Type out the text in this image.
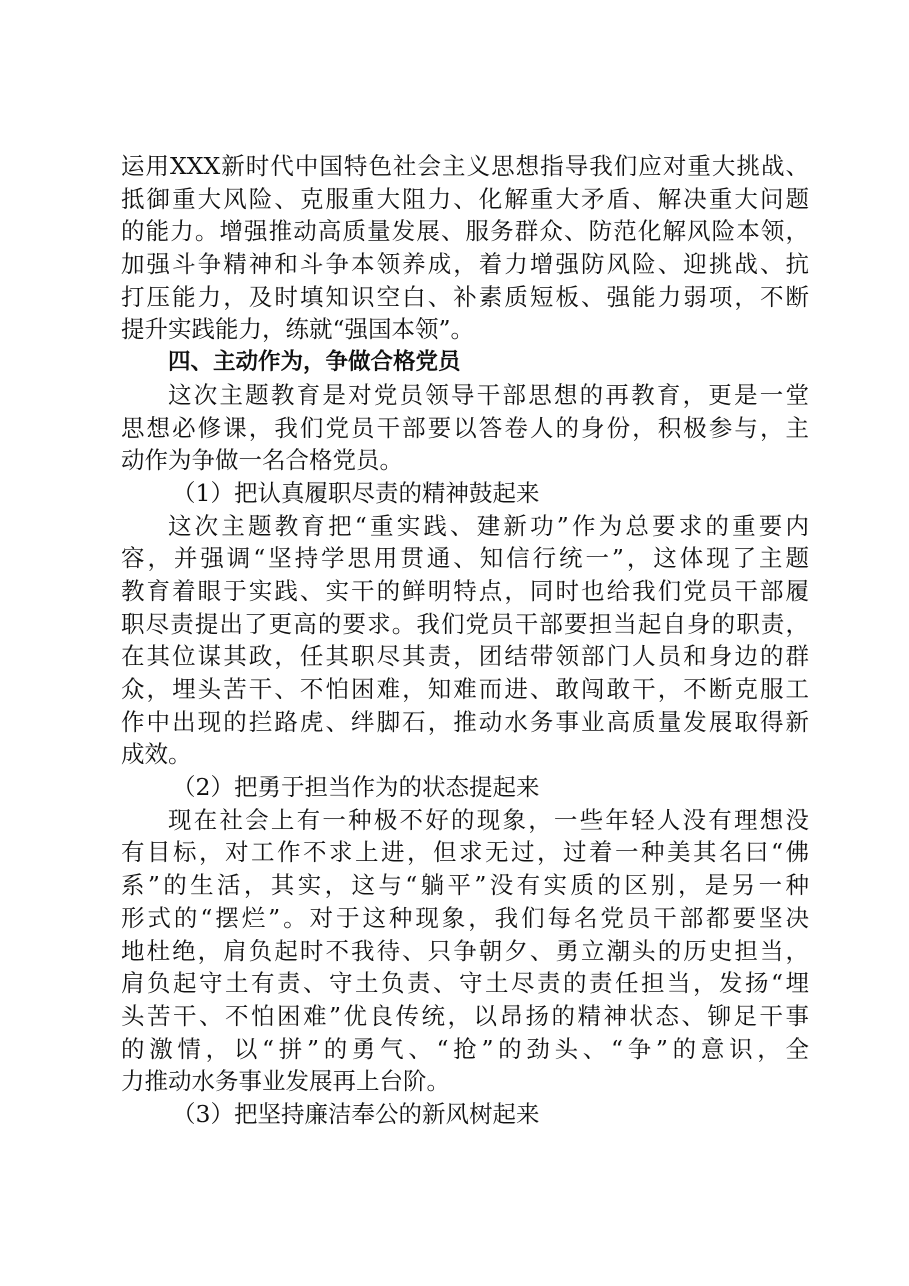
运用XXX新时代中国特色社会主义思想指导我们应对重大挑战、
抵御重大风险、克服重大阻力、化解重大矛盾、解决重大问题
的能力。增强推动高质量发展、服务群众、防范化解风险本领，
加强斗争精神和斗争本领养成，着力增强防风险、迎挑战、抗
打压能力，及时填知识空白、补素质短板、强能力弱项，不断
提升实践能力，练就“强国本领”。
四、主动作为，争做合格党员
这次主题教育是对党员领导干部思想的再教育，更是一堂
思想必修课，我们党员干部要以答卷人的身份，积极参与，主
动作为争做一名合格党员。
（1）把认真履职尽责的精神鼓起来
这次主题教育把“重实践、建新功”作为总要求的重要内
容，并强调“坚持学思用贯通、知信行统一”，这体现了主题
教育着眼于实践、实干的鲜明特点，同时也给我们党员干部履
职尽责提出了更高的要求。我们党员干部要担当起自身的职责，
在其位谋其政，任其职尽其责，团结带领部门人员和身边的群
众，埋头苦干、不怕困难，知难而进、敢闯敢干，不断克服工
作中出现的拦路虎、绊脚石，推动水务事业高质量发展取得新
成效。
（2）把勇于担当作为的状态提起来
现在社会上有一种极不好的现象，一些年轻人没有理想没
有目标，对工作不求上进，但求无过，过着一种美其名曰“佛
系”的生活，其实，这与“躺平”没有实质的区别，是另一种
形式的“摆烂”。对于这种现象，我们每名党员干部都要坚决
地杜绝，肩负起时不我待、只争朝夕、勇立潮头的历史担当，
肩负起守土有责、守土负责、守土尽责的责任担当，发扬“埋
头苦干、不怕困难”优良传统，以昂扬的精神状态、铆足干事
的激情，以“拼”的勇气、“抢”的劲头、“争”的意识，全
力推动水务事业发展再上台阶。
（3）把坚持廉洁奉公的新风树起来
